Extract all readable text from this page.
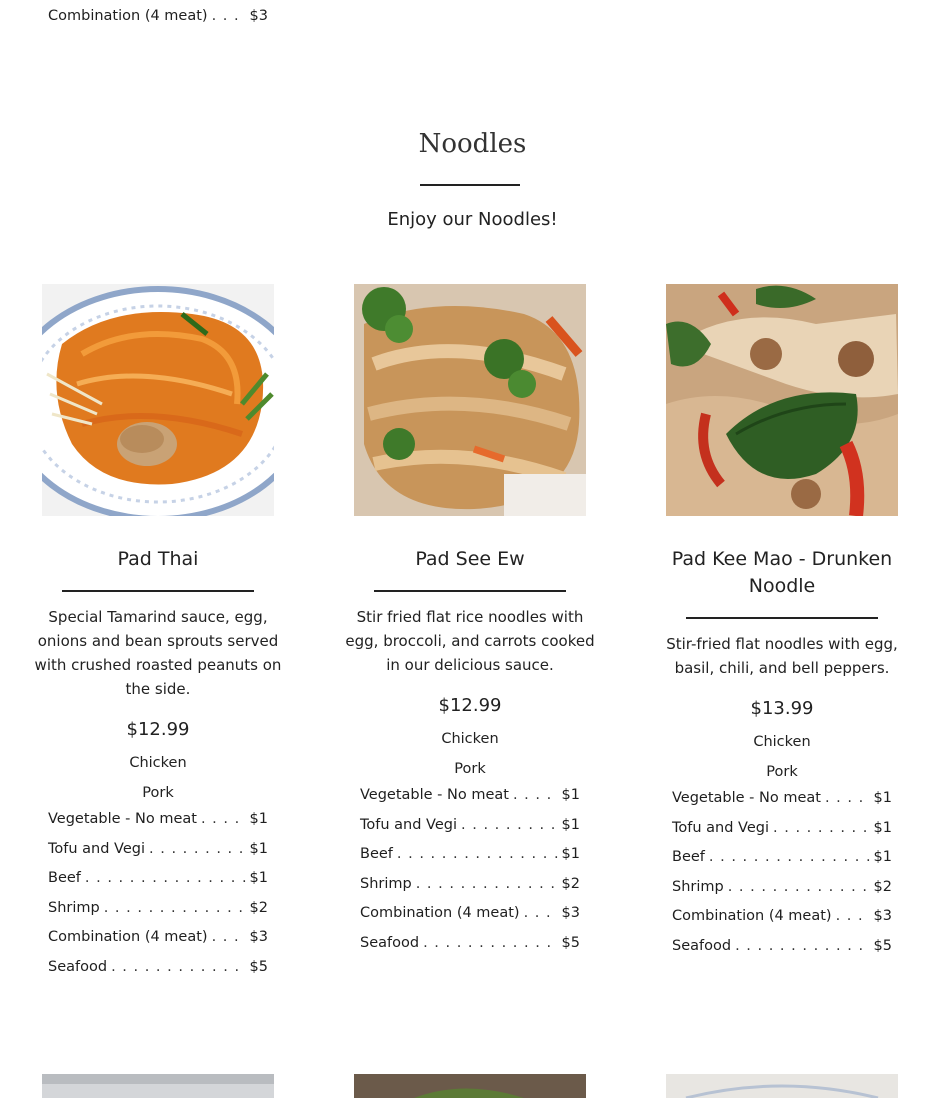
Combination (4 meat) . . .	$3
Noodles
Enjoy our Noodles!
Pad Thai
Special Tamarind sauce, egg, onions and bean sprouts served with crushed roasted peanuts on the side.
$12.99
Chicken
Pork
Vegetable - No meat . . .	$1
Tofu and Vegi . . .	$1
Beef . . .	$1
Shrimp . . .	$2
Combination (4 meat) . . .	$3
Seafood . . .	$5
Pad See Ew
Stir fried flat rice noodles with egg, broccoli, and carrots cooked in our delicious sauce.
$12.99
Chicken
Pork
Vegetable - No meat . . .	$1
Tofu and Vegi . . .	$1
Beef . . .	$1
Shrimp . . .	$2
Combination (4 meat) . . .	$3
Seafood . . .	$5
Pad Kee Mao - Drunken Noodle
Stir-fried flat noodles with egg, basil, chili, and bell peppers.
$13.99
Chicken
Pork
Vegetable - No meat . . .	$1
Tofu and Vegi . . .	$1
Beef . . .	$1
Shrimp . . .	$2
Combination (4 meat) . . .	$3
Seafood . . .	$5
